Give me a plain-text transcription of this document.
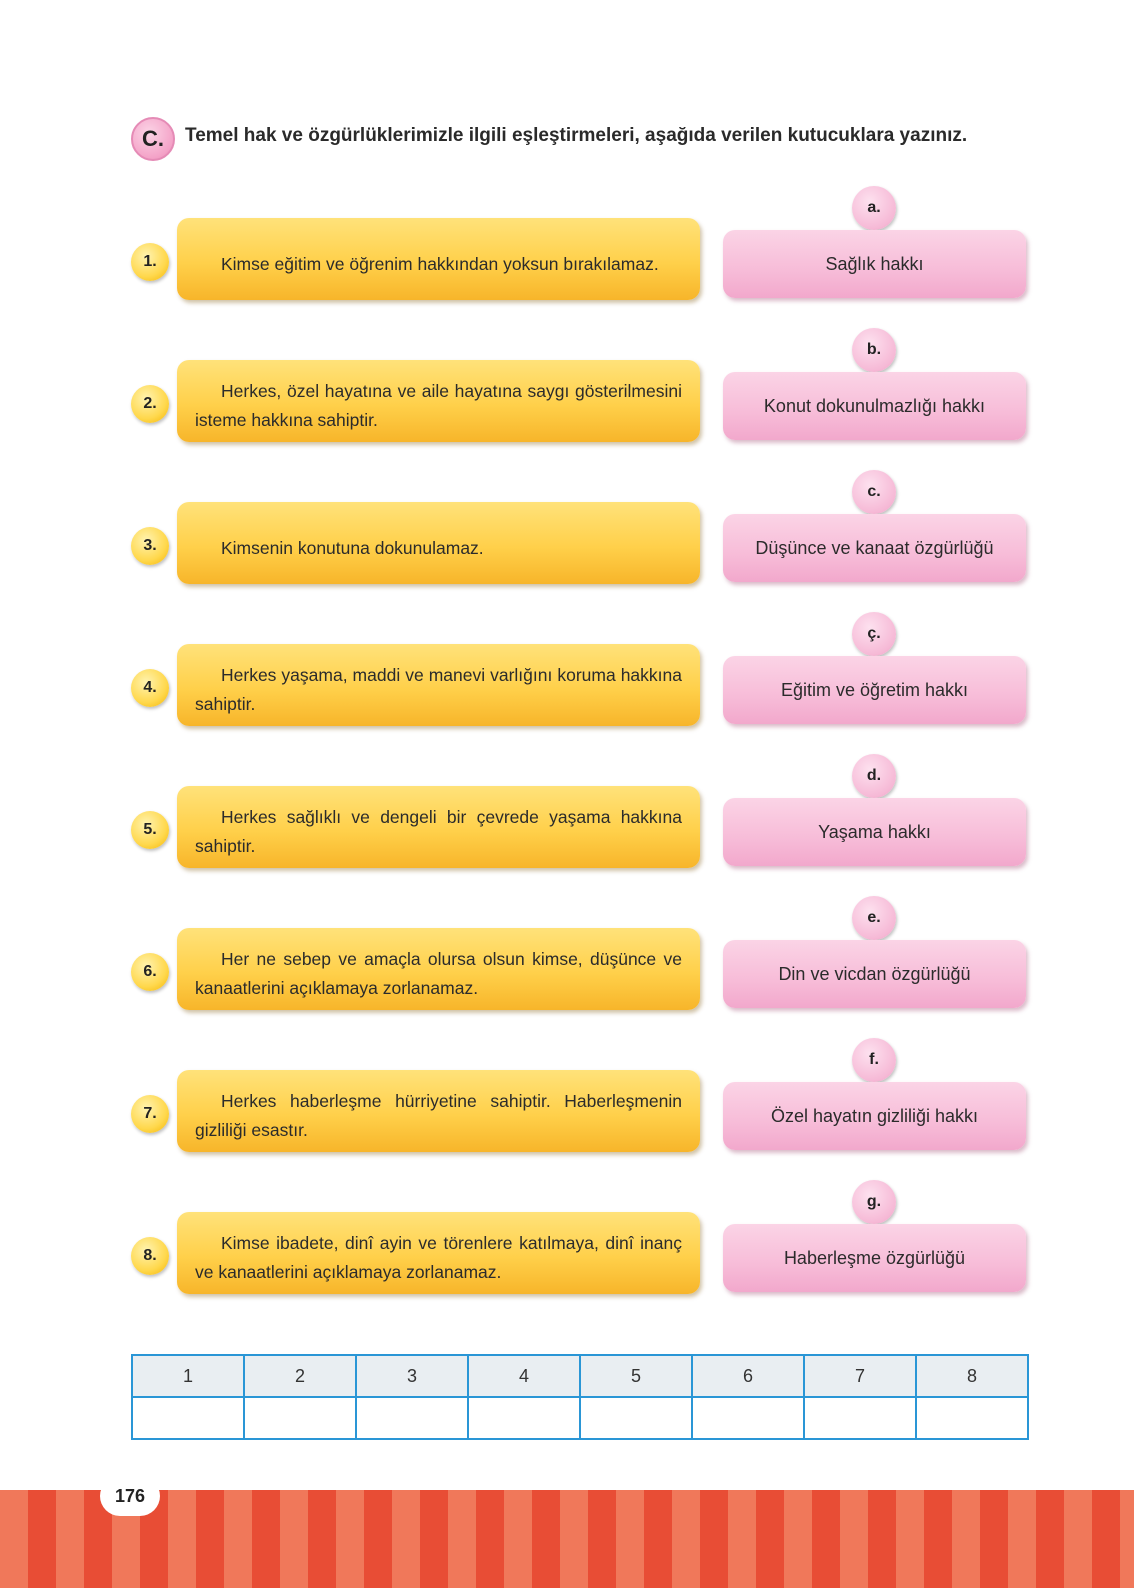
C.	Temel hak ve özgürlüklerimizle ilgili eşleştirmeleri, aşağıda verilen kutucuklara yazınız.
a.
1.	Kimse eğitim ve öğrenim hakkından yoksun bırakılamaz.	Sağlık hakkı
b.
2.
Herkes, özel hayatına ve aile hayatına saygı gösterilmesini isteme hakkına sahiptir.
Konut dokunulmazlığı hakkı
c.
3.	Kimsenin konutuna dokunulamaz.	Düşünce ve kanaat özgürlüğü
ç.
4.
Herkes yaşama, maddi ve manevi varlığını koruma hakkına sahiptir.
Eğitim ve öğretim hakkı
d.
5.
Herkes sağlıklı ve dengeli bir çevrede yaşama hakkına sahiptir.
Yaşama hakkı
e.
6.
Her ne sebep ve amaçla olursa olsun kimse, düşünce ve kanaatlerini açıklamaya zorlanamaz.
Din ve vicdan özgürlüğü
f.
7.
Herkes haberleşme hürriyetine sahiptir. Haberleşmenin gizliliği esastır.
Özel hayatın gizliliği hakkı
g.
8.
Kimse ibadete, dinî ayin ve törenlere katılmaya, dinî inanç ve kanaatlerini açıklamaya zorlanamaz.
Haberleşme özgürlüğü
1	2	3	4	5	6	7	8

176
